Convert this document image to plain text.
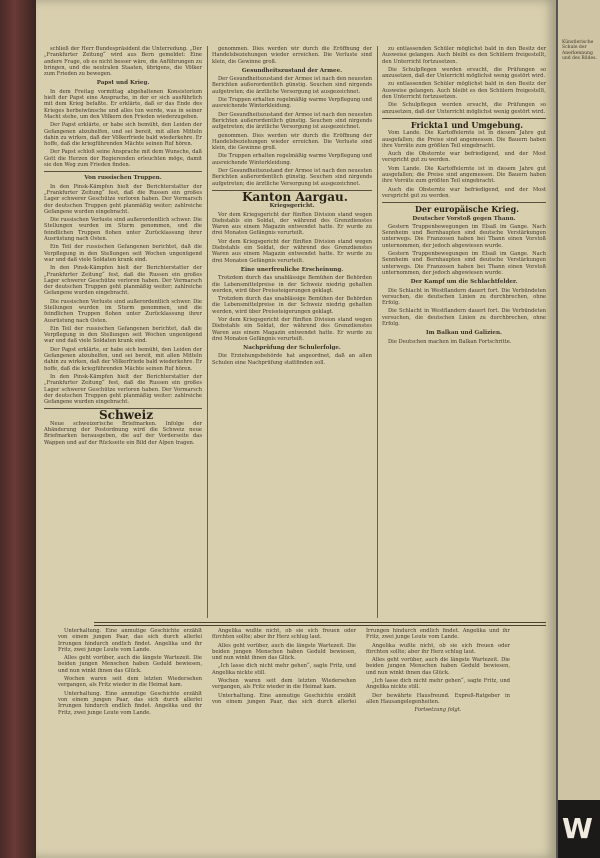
schließ der Herr Bundespräsident die Unterredung. „Der „Frankfurter Zeitung“ wird aus Bern gemeldet: Eine andere Frage, ob es nicht besser wäre, die Anführungen zu bringen, und die neutralen Staaten, übrigens, die Völker zum Frieden zu bewegen.

Papst und Krieg.

In dem Freitag vormittag abgehaltenen Konsistorium hielt der Papst eine Ansprache, in der er sich ausführlich mit dem Krieg befaßte. Er erklärte, daß er das Ende des Krieges herbeiwünsche und alles tun werde, was in seiner Macht stehe, um den Völkern den Frieden wiederzugeben.

Der Papst erklärte, er habe sich bemüht, den Leiden der Gefangenen abzuhelfen, und sei bereit, mit allen Mitteln dahin zu wirken, daß der Völkerfriede bald wiederkehre. Er hoffe, daß die kriegführenden Mächte seinen Ruf hören.

Der Papst schloß seine Ansprache mit dem Wunsche, daß Gott die Herzen der Regierenden erleuchten möge, damit sie den Weg zum Frieden finden.

Von russischen Truppen.

In den Pinsk-Kämpfen hielt der Berichterstatter der „Frankfurter Zeitung“ fest, daß die Russen ein großes Lager schwerer Geschütze verloren haben. Der Vormarsch der deutschen Truppen geht planmäßig weiter; zahlreiche Gefangene wurden eingebracht.

Die russischen Verluste sind außerordentlich schwer. Die Stellungen wurden im Sturm genommen, und die feindlichen Truppen flohen unter Zurücklassung ihrer Ausrüstung nach Osten.

Ein Teil der russischen Gefangenen berichtet, daß die Verpflegung in den Stellungen seit Wochen ungenügend war und daß viele Soldaten krank sind.

In den Pinsk-Kämpfen hielt der Berichterstatter der „Frankfurter Zeitung“ fest, daß die Russen ein großes Lager schwerer Geschütze verloren haben. Der Vormarsch der deutschen Truppen geht planmäßig weiter; zahlreiche Gefangene wurden eingebracht.

Die russischen Verluste sind außerordentlich schwer. Die Stellungen wurden im Sturm genommen, und die feindlichen Truppen flohen unter Zurücklassung ihrer Ausrüstung nach Osten.

Ein Teil der russischen Gefangenen berichtet, daß die Verpflegung in den Stellungen seit Wochen ungenügend war und daß viele Soldaten krank sind.

Der Papst erklärte, er habe sich bemüht, den Leiden der Gefangenen abzuhelfen, und sei bereit, mit allen Mitteln dahin zu wirken, daß der Völkerfriede bald wiederkehre. Er hoffe, daß die kriegführenden Mächte seinen Ruf hören.

In den Pinsk-Kämpfen hielt der Berichterstatter der „Frankfurter Zeitung“ fest, daß die Russen ein großes Lager schwerer Geschütze verloren haben. Der Vormarsch der deutschen Truppen geht planmäßig weiter; zahlreiche Gefangene wurden eingebracht.

Schweiz

Neue schweizerische Briefmarken. Infolge der Abänderung der Postordnung wird die Schweiz neue Briefmarken herausgeben, die auf der Vorderseite das Wappen und auf der Rückseite ein Bild der Alpen tragen.

genommen. Dies werden wir durch die Eröffnung der Handelsbeziehungen wieder erreichen. Die Verluste sind klein, die Gewinne groß.

Gesundheitszustand der Armee.

Der Gesundheitszustand der Armee ist nach den neuesten Berichten außerordentlich günstig. Seuchen sind nirgends aufgetreten; die ärztliche Versorgung ist ausgezeichnet.

Die Truppen erhalten regelmäßig warme Verpflegung und ausreichende Winterkleidung.

Der Gesundheitszustand der Armee ist nach den neuesten Berichten außerordentlich günstig. Seuchen sind nirgends aufgetreten; die ärztliche Versorgung ist ausgezeichnet.

genommen. Dies werden wir durch die Eröffnung der Handelsbeziehungen wieder erreichen. Die Verluste sind klein, die Gewinne groß.

Die Truppen erhalten regelmäßig warme Verpflegung und ausreichende Winterkleidung.

Der Gesundheitszustand der Armee ist nach den neuesten Berichten außerordentlich günstig. Seuchen sind nirgends aufgetreten; die ärztliche Versorgung ist ausgezeichnet.

Kanton Aargau.

Kriegsgericht.

Vor dem Kriegsgericht der fünften Division stand wegen Diebstahls ein Soldat, der während des Grenzdienstes Waren aus einem Magazin entwendet hatte. Er wurde zu drei Monaten Gefängnis verurteilt.

Vor dem Kriegsgericht der fünften Division stand wegen Diebstahls ein Soldat, der während des Grenzdienstes Waren aus einem Magazin entwendet hatte. Er wurde zu drei Monaten Gefängnis verurteilt.

Eine unerfreuliche Erscheinung.

Trotzdem durch das unablässige Bemühen der Behörden die Lebensmittelpreise in der Schweiz niedrig gehalten werden, wird über Preissteigerungen geklagt.

Trotzdem durch das unablässige Bemühen der Behörden die Lebensmittelpreise in der Schweiz niedrig gehalten werden, wird über Preissteigerungen geklagt.

Vor dem Kriegsgericht der fünften Division stand wegen Diebstahls ein Soldat, der während des Grenzdienstes Waren aus einem Magazin entwendet hatte. Er wurde zu drei Monaten Gefängnis verurteilt.

Nachprüfung der Schulerfolge.

Die Erziehungsbehörde hat angeordnet, daß an allen Schulen eine Nachprüfung stattfinden soll.

zu entlassenden Schüler möglichst bald in den Besitz der Ausweise gelangen. Auch bleibt es den Schülern freigestellt, den Unterricht fortzusetzen.

Die Schulpflegen werden ersucht, die Prüfungen so anzusetzen, daß der Unterricht möglichst wenig gestört wird.

zu entlassenden Schüler möglichst bald in den Besitz der Ausweise gelangen. Auch bleibt es den Schülern freigestellt, den Unterricht fortzusetzen.

Die Schulpflegen werden ersucht, die Prüfungen so anzusetzen, daß der Unterricht möglichst wenig gestört wird.

Frickta1 und Umgebung.

Vom Lande. Die Kartoffelernte ist in diesem Jahre gut ausgefallen; die Preise sind angemessen. Die Bauern haben ihre Vorräte zum größten Teil eingebracht.

Auch die Obsternte war befriedigend, und der Most verspricht gut zu werden.

Vom Lande. Die Kartoffelernte ist in diesem Jahre gut ausgefallen; die Preise sind angemessen. Die Bauern haben ihre Vorräte zum größten Teil eingebracht.

Auch die Obsternte war befriedigend, und der Most verspricht gut zu werden.

Der europäische Krieg.

Deutscher Vorstoß gegen Thann.

Gestern Truppenbewegungen im Elsaß im Gange. Nach Sennheim und Bernhaupten sind deutsche Verstärkungen unterwegs. Die Franzosen haben bei Thann einen Vorstoß unternommen, der jedoch abgewiesen wurde.

Gestern Truppenbewegungen im Elsaß im Gange. Nach Sennheim und Bernhaupten sind deutsche Verstärkungen unterwegs. Die Franzosen haben bei Thann einen Vorstoß unternommen, der jedoch abgewiesen wurde.

Der Kampf um die Schlachtfelder.

Die Schlacht in Westflandern dauert fort. Die Verbündeten versuchen, die deutschen Linien zu durchbrechen, ohne Erfolg.

Die Schlacht in Westflandern dauert fort. Die Verbündeten versuchen, die deutschen Linien zu durchbrechen, ohne Erfolg.

Im Balkan und Galizien.

Die Deutschen machen im Balkan Fortschritte.

Unterhaltung. Eine anmutige Geschichte erzählt von einem jungen Paar, das sich durch allerlei Irrungen hindurch endlich findet. Angelika und ihr Fritz, zwei junge Leute vom Lande.

Alles geht vorüber, auch die längste Wartezeit. Die beiden jungen Menschen haben Geduld bewiesen, und nun winkt ihnen das Glück.

Wochen waren seit dem letzten Wiedersehen vergangen, als Fritz wieder in die Heimat kam.

Unterhaltung. Eine anmutige Geschichte erzählt von einem jungen Paar, das sich durch allerlei Irrungen hindurch endlich findet. Angelika und ihr Fritz, zwei junge Leute vom Lande.

Angelika wußte nicht, ob sie sich freuen oder fürchten sollte; aber ihr Herz schlug laut.

Alles geht vorüber, auch die längste Wartezeit. Die beiden jungen Menschen haben Geduld bewiesen, und nun winkt ihnen das Glück.

„Ich lasse dich nicht mehr gehen“, sagte Fritz, und Angelika nickte still.

Wochen waren seit dem letzten Wiedersehen vergangen, als Fritz wieder in die Heimat kam.

Unterhaltung. Eine anmutige Geschichte erzählt von einem jungen Paar, das sich durch allerlei Irrungen hindurch endlich findet. Angelika und ihr Fritz, zwei junge Leute vom Lande.

Angelika wußte nicht, ob sie sich freuen oder fürchten sollte; aber ihr Herz schlug laut.

Alles geht vorüber, auch die längste Wartezeit. Die beiden jungen Menschen haben Geduld bewiesen, und nun winkt ihnen das Glück.

„Ich lasse dich nicht mehr gehen“, sagte Fritz, und Angelika nickte still.

Der bewährte Hausfreund. Expreß-Ratgeber in allen Hausangelegenheiten.

Fortsetzung folgt.

Künstlerische Schule der Anerkennung und des Bildes.
W
